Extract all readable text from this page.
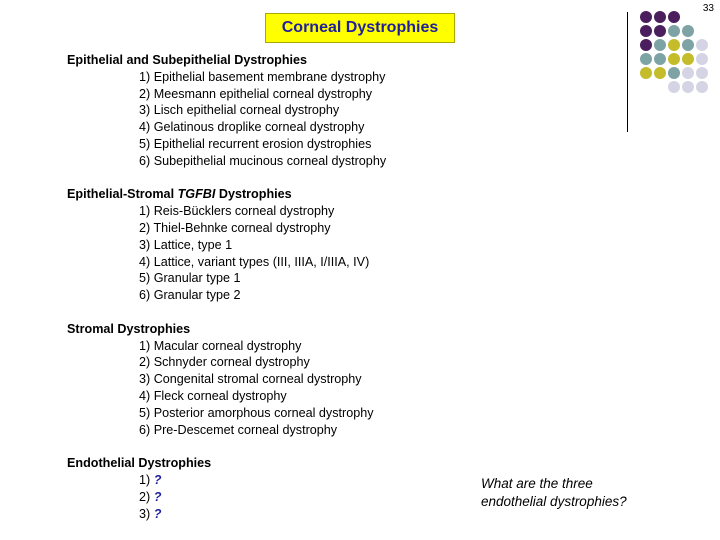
33
Corneal Dystrophies
Epithelial and Subepithelial Dystrophies
1) Epithelial basement membrane dystrophy
2) Meesmann epithelial corneal dystrophy
3) Lisch epithelial corneal dystrophy
4) Gelatinous droplike corneal dystrophy
5) Epithelial recurrent erosion dystrophies
6) Subepithelial mucinous corneal dystrophy
Epithelial-Stromal TGFBI Dystrophies
1) Reis-Bücklers corneal dystrophy
2) Thiel-Behnke corneal dystrophy
3) Lattice, type 1
4) Lattice, variant types (III, IIIA, I/IIIA, IV)
5) Granular type 1
6) Granular type 2
Stromal Dystrophies
1) Macular corneal dystrophy
2) Schnyder corneal dystrophy
3) Congenital stromal corneal dystrophy
4) Fleck corneal dystrophy
5) Posterior amorphous corneal dystrophy
6) Pre-Descemet corneal dystrophy
Endothelial Dystrophies
1) ?
2) ?
3) ?
What are the three
endothelial dystrophies?
